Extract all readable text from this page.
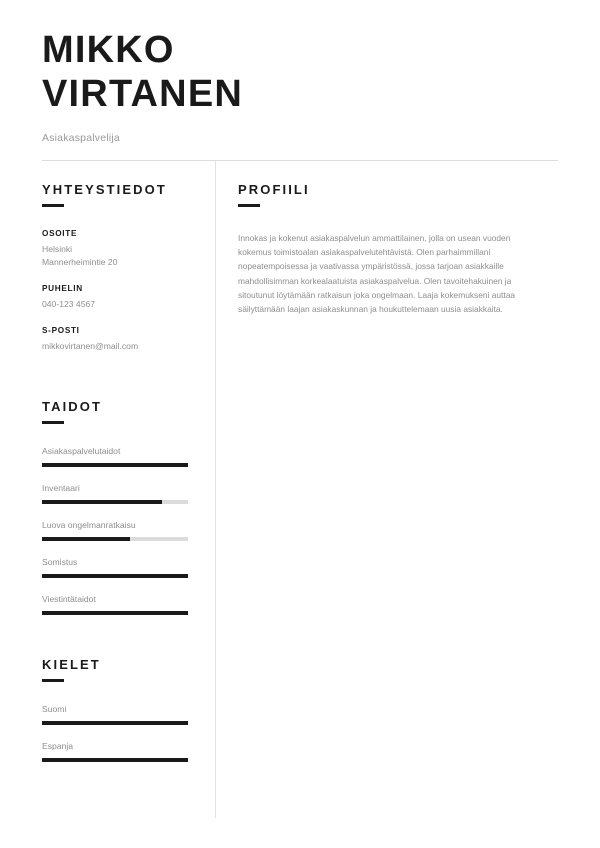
MIKKO
VIRTANEN
Asiakaspalvelija
YHTEYSTIEDOT
OSOITE
Helsinki
Mannerheimintie 20
PUHELIN
040-123 4567
S-POSTI
mikkovirtanen@mail.com
TAIDOT
Asiakaspalvelutaidot
Inventaari
Luova ongelmanratkaisu
Somistus
Viestintätaidot
KIELET
Suomi
Espanja
PROFIILI
Innokas ja kokenut asiakaspalvelun ammattilainen, jolla on usean vuoden kokemus toimistoalan asiakaspalvelutehtävistä. Olen parhaimmillani nopeatempoisessa ja vaativassa ympäristössä, jossa tarjoan asiakkaille mahdollisimman korkealaatuista asiakaspalvelua. Olen tavoitehakuinen ja sitoutunut löytämään ratkaisun joka ongelmaan. Laaja kokemukseni auttaa säilyttämään laajan asiakaskunnan ja houkuttelemaan uusia asiakkaita.
